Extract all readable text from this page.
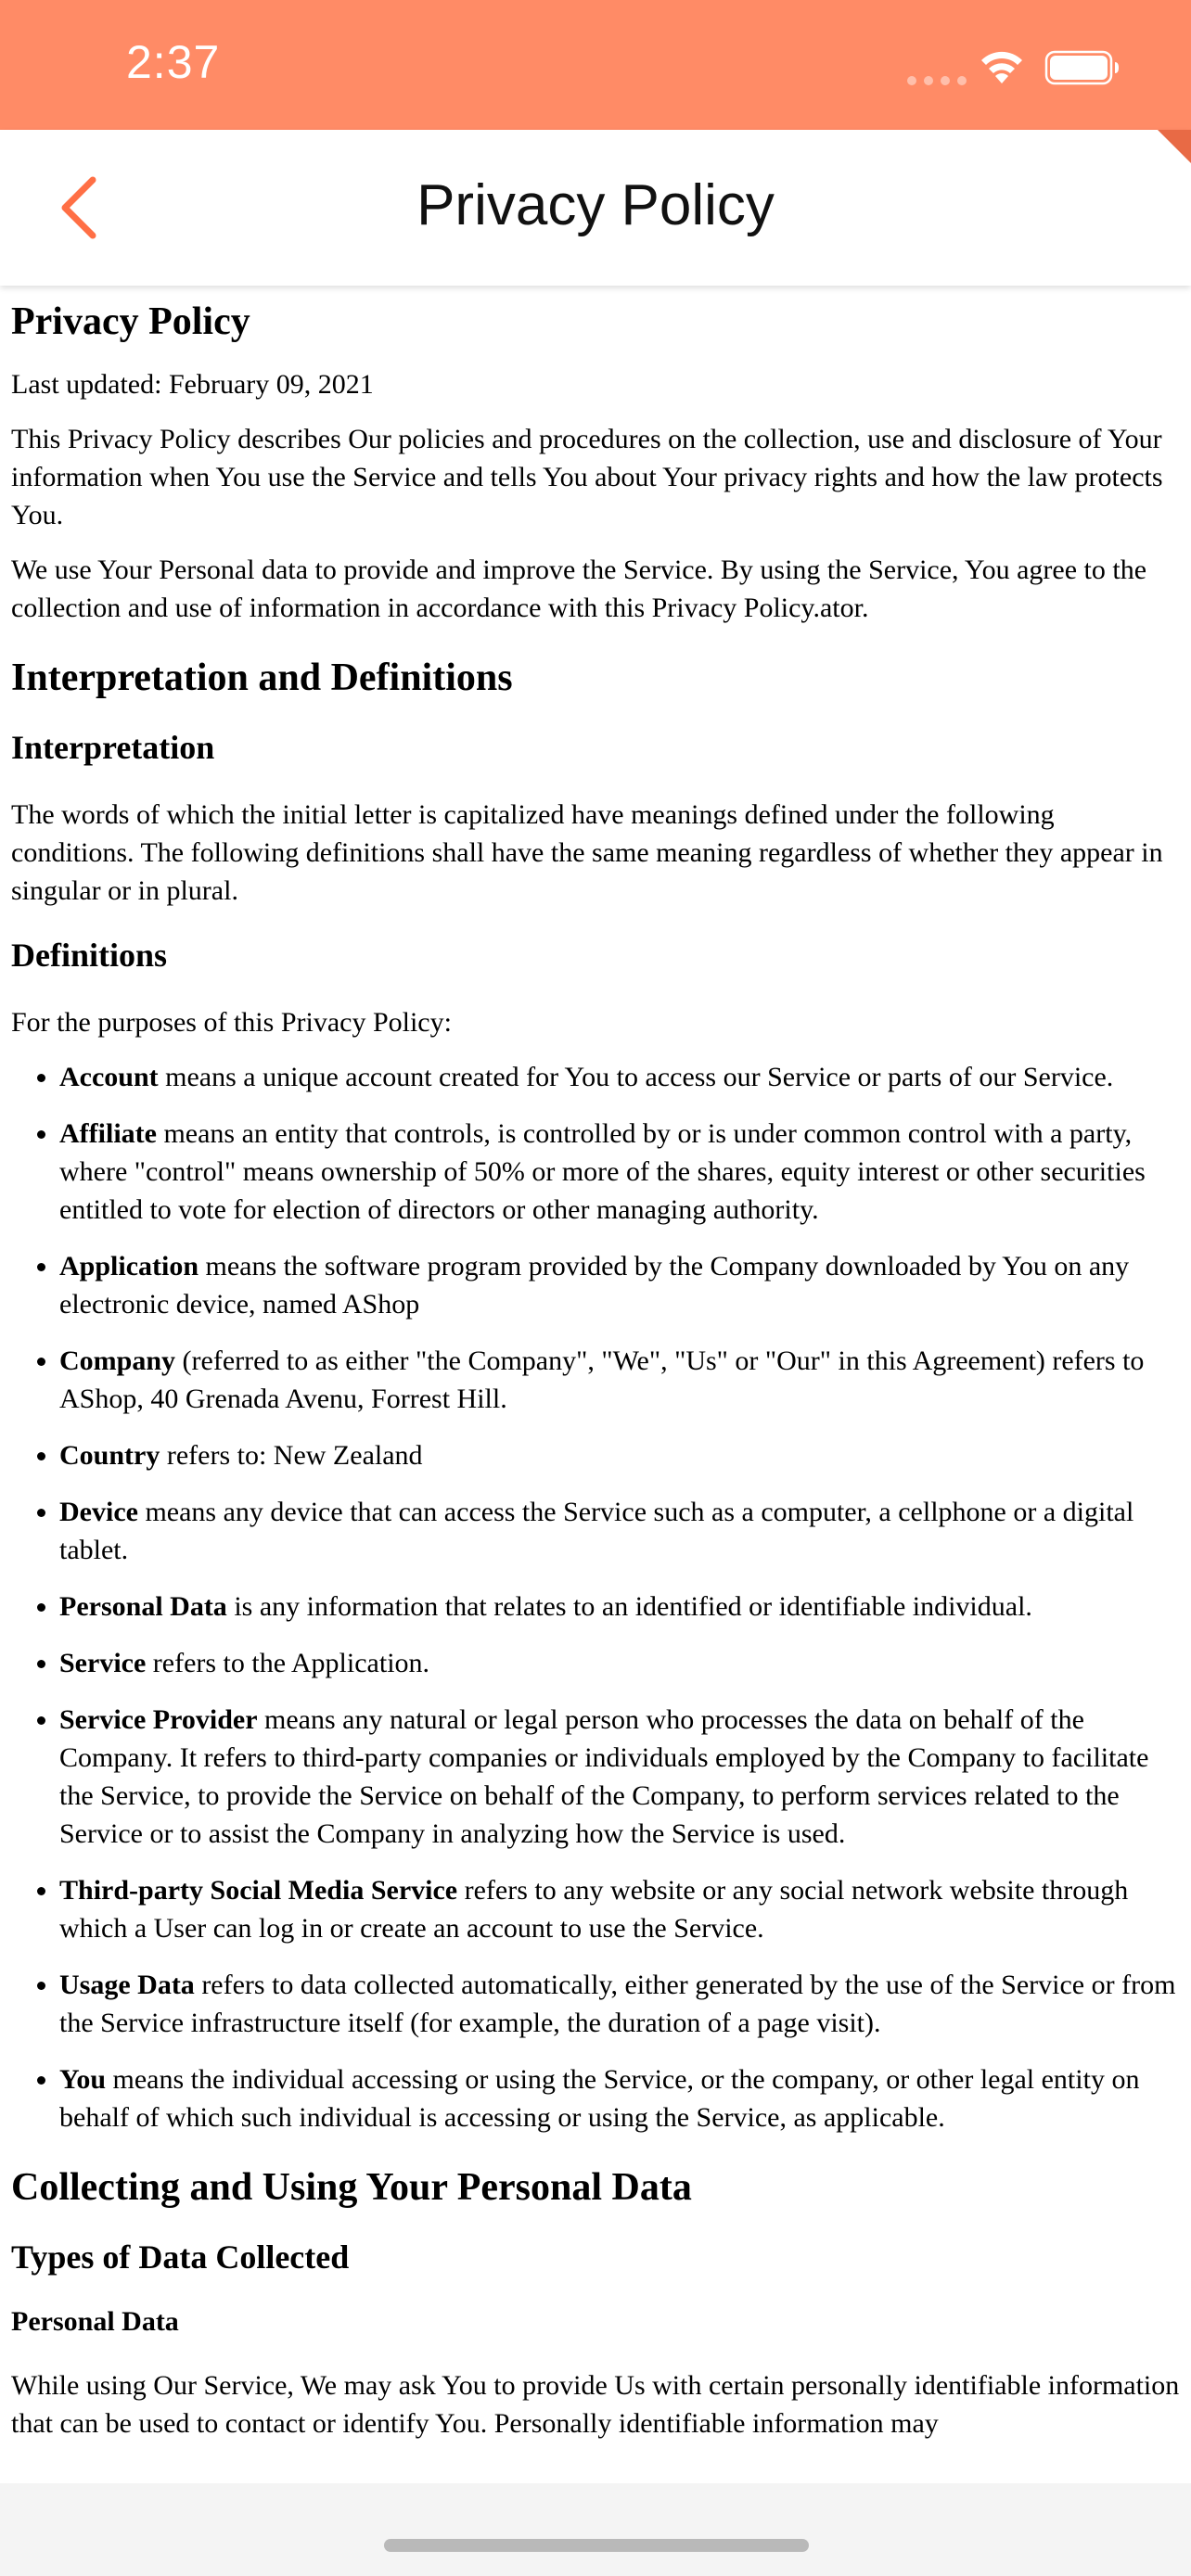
2:37
Privacy Policy
Privacy Policy

Last updated: February 09, 2021

This Privacy Policy describes Our policies and procedures on the collection, use and disclosure of Your information when You use the Service and tells You about Your privacy rights and how the law protects You.

We use Your Personal data to provide and improve the Service. By using the Service, You agree to the collection and use of information in accordance with this Privacy Policy.ator.

Interpretation and Definitions
Interpretation

The words of which the initial letter is capitalized have meanings defined under the following conditions. The following definitions shall have the same meaning regardless of whether they appear in singular or in plural.

Definitions

For the purposes of this Privacy Policy:

• Account means a unique account created for You to access our Service or parts of our Service.
• Affiliate means an entity that controls, is controlled by or is under common control with a party, where "control" means ownership of 50% or more of the shares, equity interest or other securities entitled to vote for election of directors or other managing authority.
• Application means the software program provided by the Company downloaded by You on any electronic device, named AShop
• Company (referred to as either "the Company", "We", "Us" or "Our" in this Agreement) refers to AShop, 40 Grenada Avenu, Forrest Hill.
• Country refers to: New Zealand
• Device means any device that can access the Service such as a computer, a cellphone or a digital tablet.
• Personal Data is any information that relates to an identified or identifiable individual.
• Service refers to the Application.
• Service Provider means any natural or legal person who processes the data on behalf of the Company. It refers to third-party companies or individuals employed by the Company to facilitate the Service, to provide the Service on behalf of the Company, to perform services related to the Service or to assist the Company in analyzing how the Service is used.
• Third-party Social Media Service refers to any website or any social network website through which a User can log in or create an account to use the Service.
• Usage Data refers to data collected automatically, either generated by the use of the Service or from the Service infrastructure itself (for example, the duration of a page visit).
• You means the individual accessing or using the Service, or the company, or other legal entity on behalf of which such individual is accessing or using the Service, as applicable.
Collecting and Using Your Personal Data
Types of Data Collected
Personal Data

While using Our Service, We may ask You to provide Us with certain personally identifiable information that can be used to contact or identify You. Personally identifiable information may
